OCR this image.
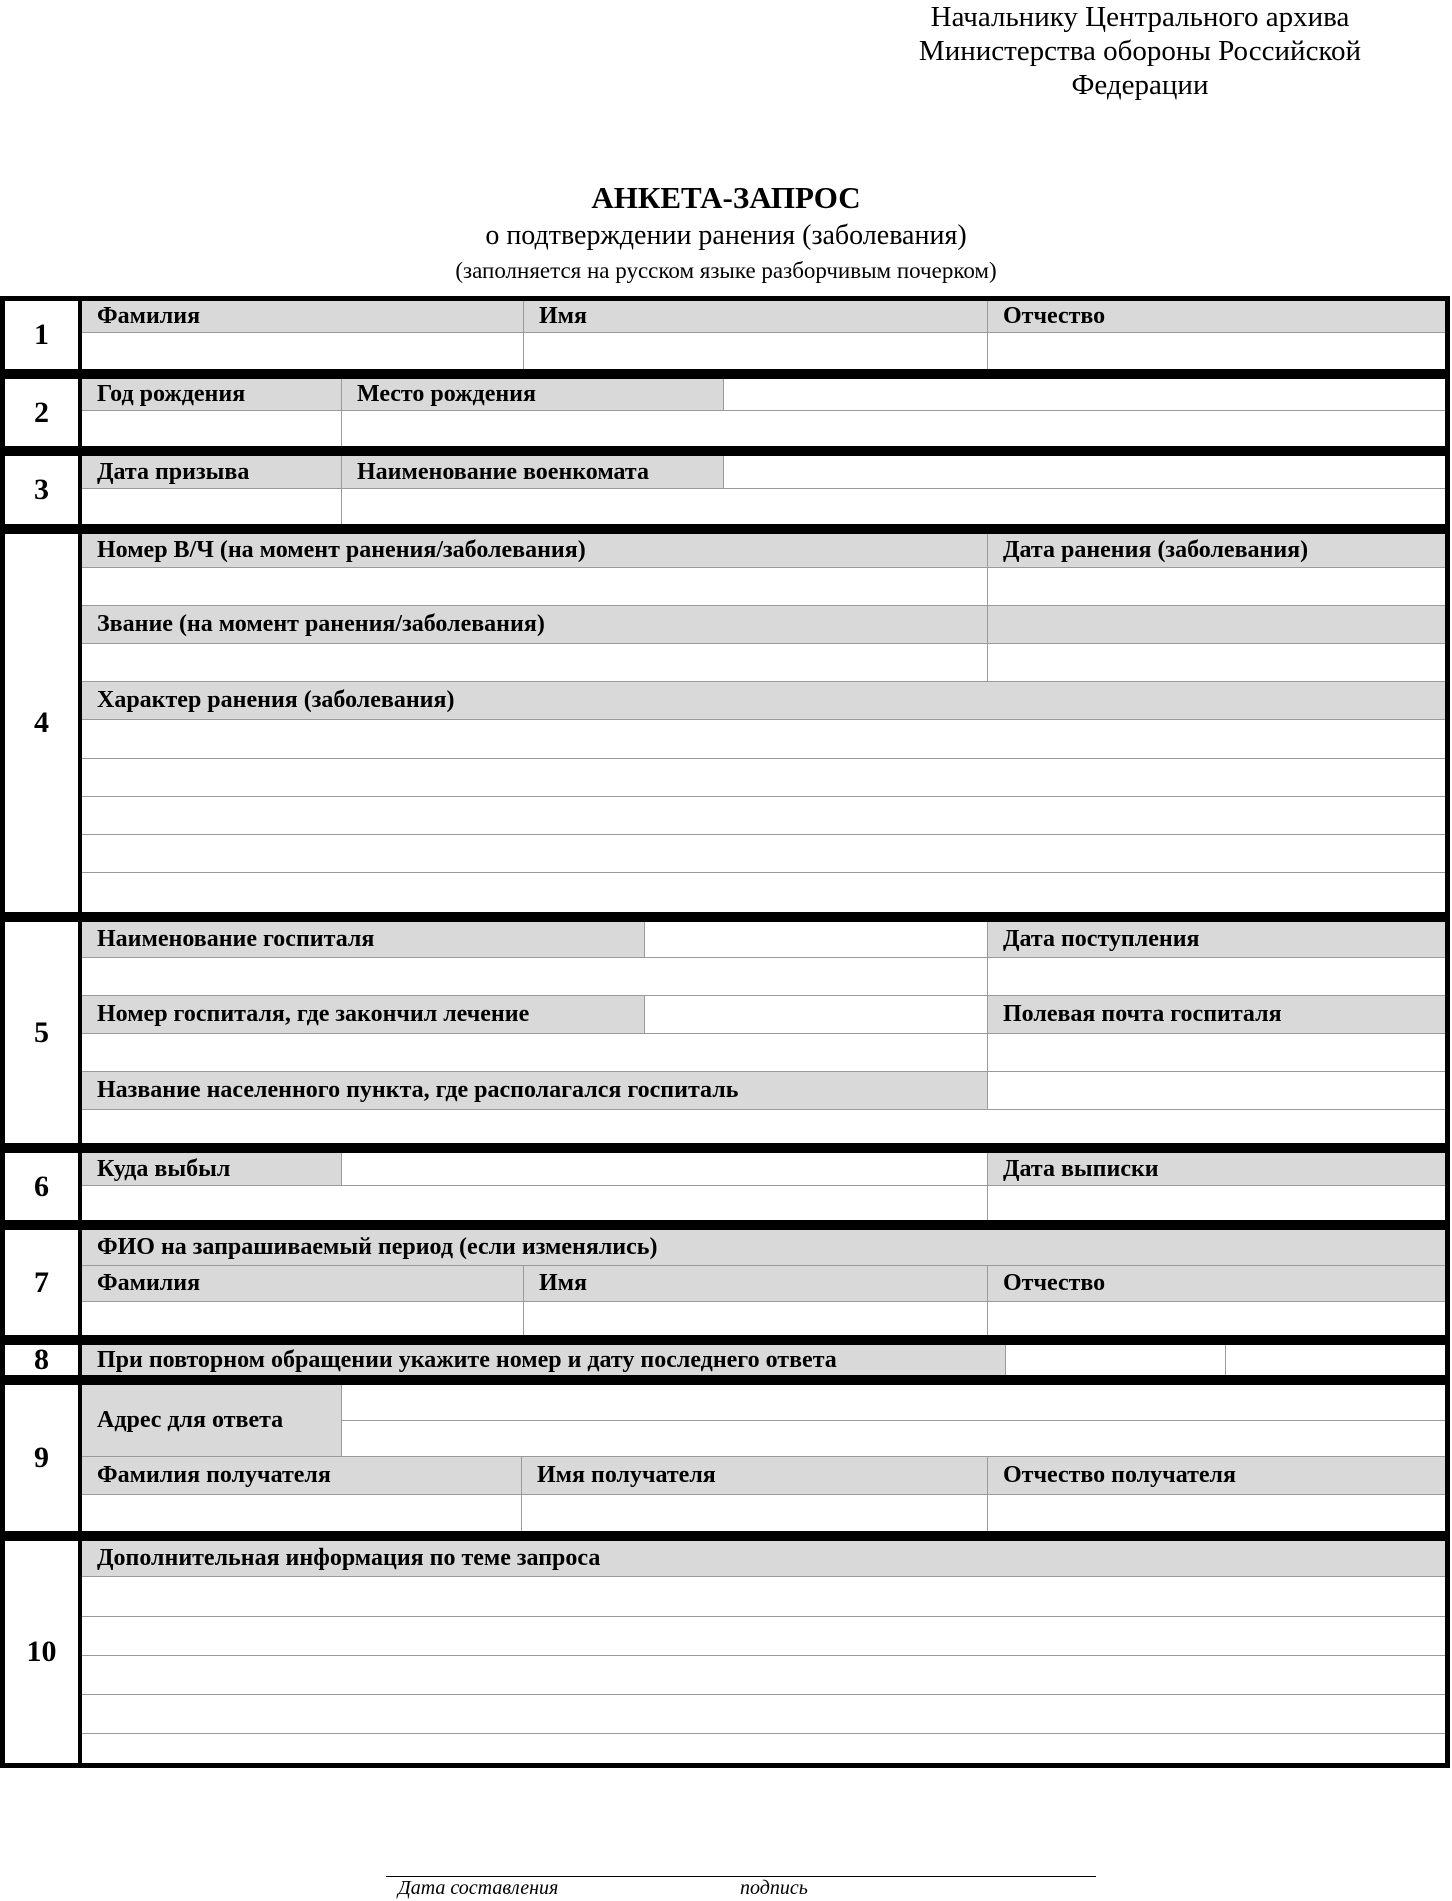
Начальнику Центрального архива
Министерства обороны Российской
Федерации
АНКЕТА-ЗАПРОС
о подтверждении ранения (заболевания)
(заполняется на русском языке разборчивым почерком)
1
Фамилия	Имя	Отчество
2
Год рождения	Место рождения
3
Дата призыва	Наименование военкомата
4
Номер В/Ч (на момент ранения/заболевания)	Дата ранения (заболевания)
Звание (на момент ранения/заболевания)
Характер ранения (заболевания)
5
Наименование госпиталя	Дата поступления
Номер госпиталя, где закончил лечение	Полевая почта госпиталя
Название населенного пункта, где располагался госпиталь
6
Куда выбыл	Дата выписки
7
ФИО на запрашиваемый период (если изменялись)
Фамилия	Имя	Отчество
8	При повторном обращении укажите номер и дату последнего ответа
9
Адрес для ответа
Фамилия получателя	Имя получателя	Отчество получателя
10
Дополнительная информация по теме запроса
Дата составления	подпись
